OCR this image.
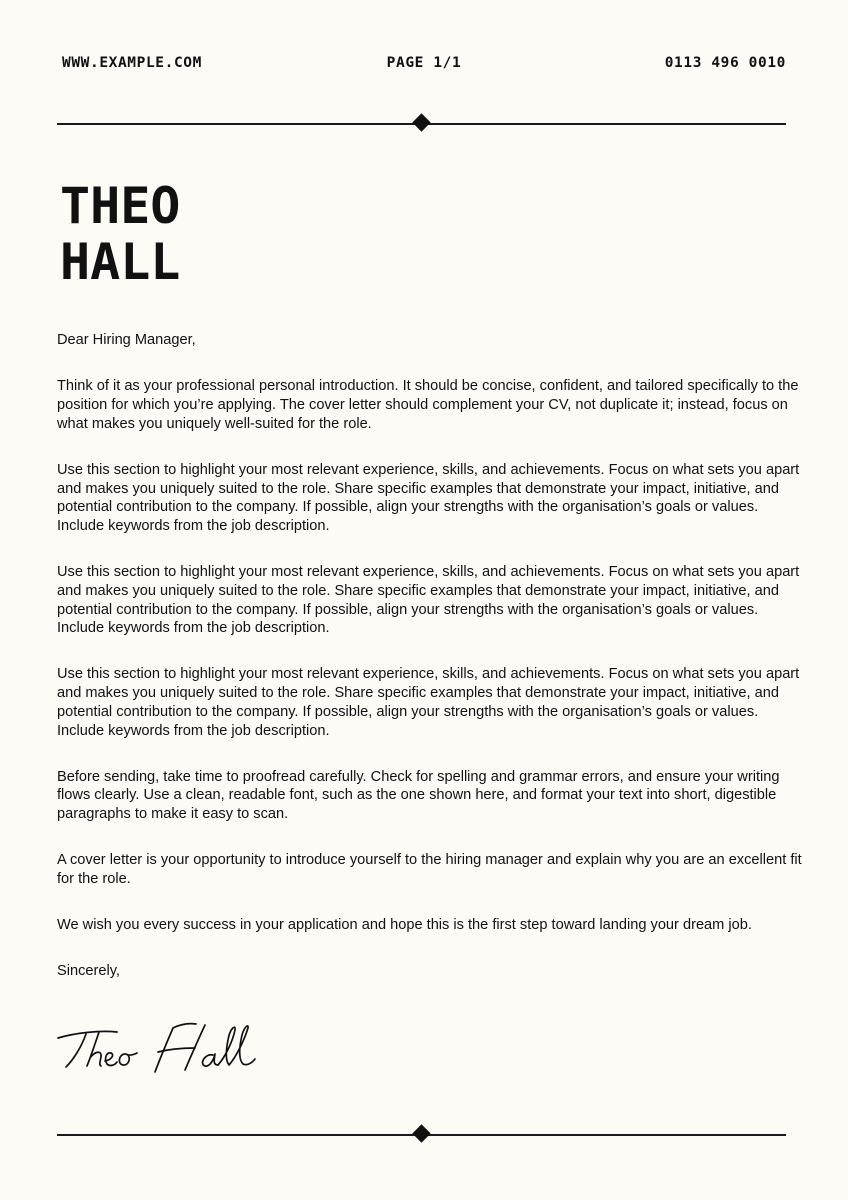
WWW.EXAMPLE.COM	PAGE 1/1	0113 496 0010
THEO
HALL

Dear Hiring Manager,

Think of it as your professional personal introduction. It should be concise, confident, and tailored specifically to the position for which you’re applying. The cover letter should complement your CV, not duplicate it; instead, focus on what makes you uniquely well-suited for the role.

Use this section to highlight your most relevant experience, skills, and achievements. Focus on what sets you apart and makes you uniquely suited to the role. Share specific examples that demonstrate your impact, initiative, and potential contribution to the company. If possible, align your strengths with the organisation’s goals or values. Include keywords from the job description.

Use this section to highlight your most relevant experience, skills, and achievements. Focus on what sets you apart and makes you uniquely suited to the role. Share specific examples that demonstrate your impact, initiative, and potential contribution to the company. If possible, align your strengths with the organisation’s goals or values. Include keywords from the job description.

Use this section to highlight your most relevant experience, skills, and achievements. Focus on what sets you apart and makes you uniquely suited to the role. Share specific examples that demonstrate your impact, initiative, and potential contribution to the company. If possible, align your strengths with the organisation’s goals or values. Include keywords from the job description.

Before sending, take time to proofread carefully. Check for spelling and grammar errors, and ensure your writing flows clearly. Use a clean, readable font, such as the one shown here, and format your text into short, digestible paragraphs to make it easy to scan.

A cover letter is your opportunity to introduce yourself to the hiring manager and explain why you are an excellent fit for the role.

We wish you every success in your application and hope this is the first step toward landing your dream job.

Sincerely,
